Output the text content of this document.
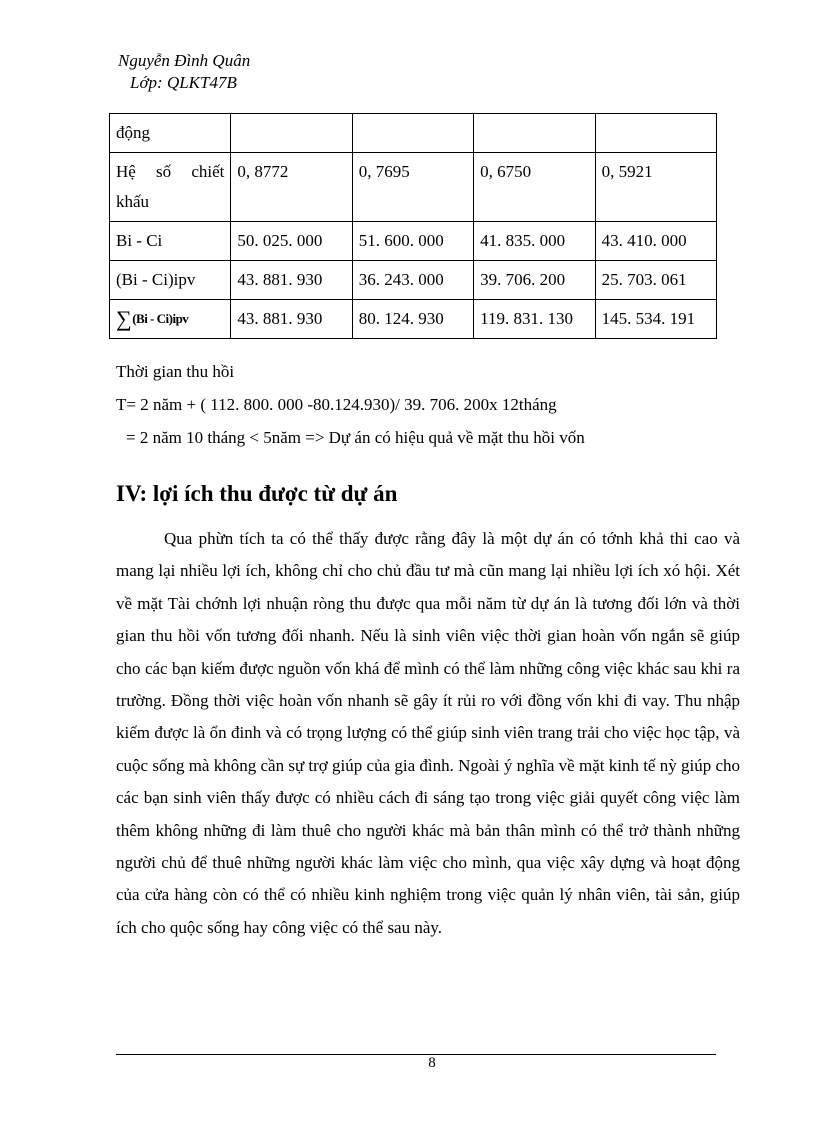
Nguyễn Đình Quân
Lớp: QLKT47B
động				

Hệ số chiết
khấu	0, 8772	0, 7695	0, 6750	0, 5921
Bi - Ci	50. 025. 000	51. 600. 000	41. 835. 000	43. 410. 000
(Bi - Ci)ipv	43. 881. 930	36. 243. 000	39. 706. 200	25. 703. 061
∑(Bi - Ci)ipv	43. 881. 930	80. 124. 930	119. 831. 130	145. 534. 191
Thời gian thu hồi
T= 2 năm + ( 112. 800. 000 -80.124.930)/ 39. 706. 200x 12tháng
= 2 năm 10 tháng < 5năm => Dự án có hiệu quả về mặt thu hồi vốn
IV: lợi ích thu được từ dự án
Qua phừn tích ta có thể thấy được rằng đây là một dự án có tớnh khả thi cao và mang lại nhiều lợi ích, không chỉ cho chủ đầu tư mà cũn mang lại nhiều lợi ích xó hội. Xét về mặt Tài chớnh lợi nhuận ròng thu được qua mỗi năm từ dự án là tương đối lớn và thời gian thu hồi vốn tương đối nhanh. Nếu là sinh viên việc thời gian hoàn vốn ngắn sẽ giúp cho các bạn kiếm được nguồn vốn khá để mình có thể làm những công việc khác sau khi ra trường. Đồng thời việc hoàn vốn nhanh sẽ gây ít rủi ro với đồng vốn khi đi vay. Thu nhập kiếm được là ổn đinh và có trọng lượng có thể giúp sinh viên trang trải cho việc học tập, và cuộc sống mà không cần sự trợ giúp của gia đình. Ngoài ý nghĩa về mặt kinh tế nỳ giúp cho các bạn sinh viên thấy được có nhiều cách đi sáng tạo trong việc giải quyết công việc làm thêm không những đi làm thuê cho người khác mà bản thân mình có thể trở thành những người chủ để thuê những người khác làm việc cho mình, qua việc xây dựng và hoạt động của cửa hàng còn có thể có nhiều kinh nghiệm trong việc quản lý nhân viên, tài sản, giúp ích cho quộc sống hay công việc có thể sau này.
8
